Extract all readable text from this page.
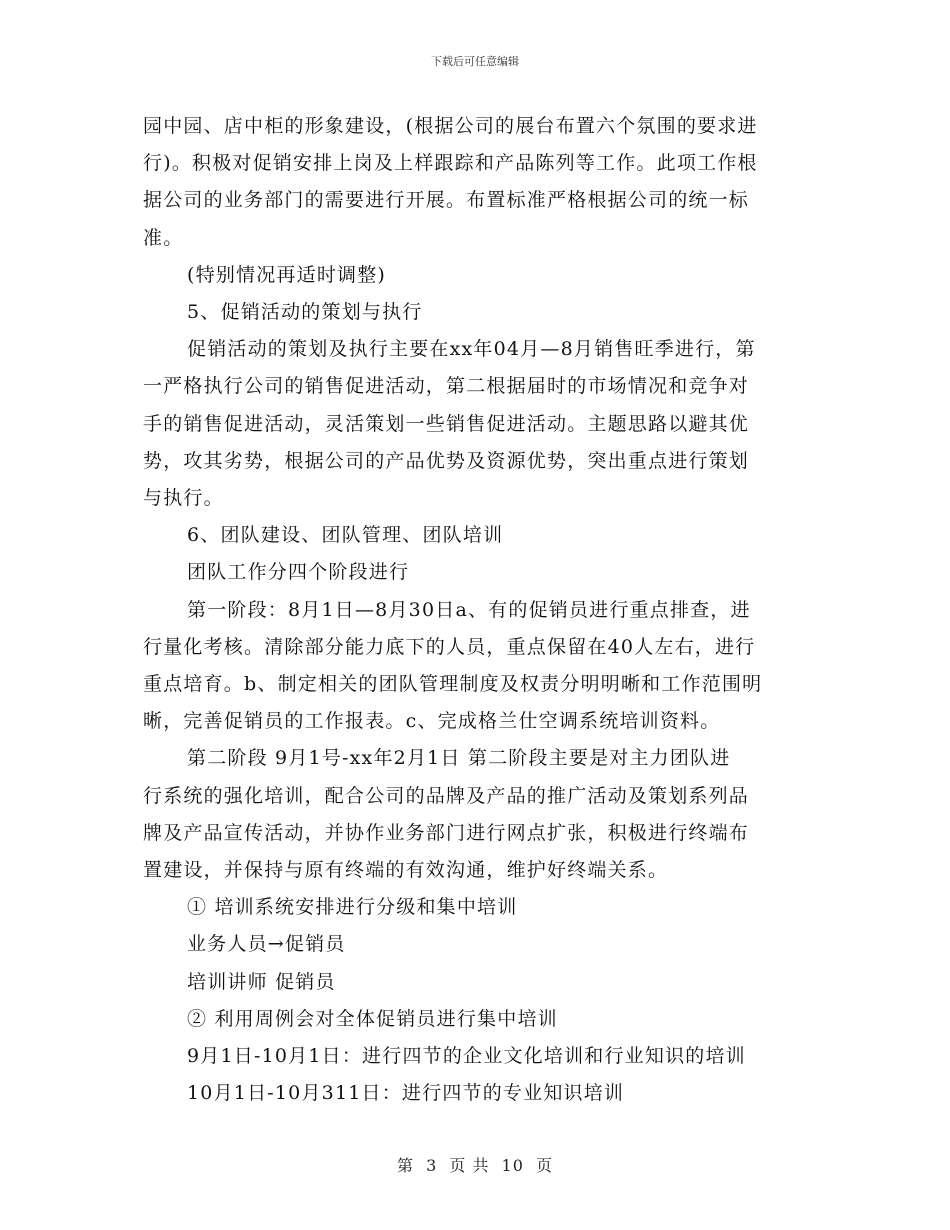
下载后可任意编辑

园中园、店中柜的形象建设，(根据公司的展台布置六个氛围的要求进

行)。积极对促销安排上岗及上样跟踪和产品陈列等工作。此项工作根

据公司的业务部门的需要进行开展。布置标准严格根据公司的统一标

准。

(特别情况再适时调整)

5、促销活动的策划与执行

促销活动的策划及执行主要在xx年04月—8月销售旺季进行，第

一严格执行公司的销售促进活动，第二根据届时的市场情况和竞争对

手的销售促进活动，灵活策划一些销售促进活动。主题思路以避其优

势，攻其劣势，根据公司的产品优势及资源优势，突出重点进行策划

与执行。

6、团队建设、团队管理、团队培训

团队工作分四个阶段进行

第一阶段：8月1日—8月30日a、有的促销员进行重点排查，进

行量化考核。清除部分能力底下的人员，重点保留在40人左右，进行

重点培育。b、制定相关的团队管理制度及权责分明明晰和工作范围明

晰，完善促销员的工作报表。c、完成格兰仕空调系统培训资料。

第二阶段 9月1号-xx年2月1日 第二阶段主要是对主力团队进

行系统的强化培训，配合公司的品牌及产品的推广活动及策划系列品

牌及产品宣传活动，并协作业务部门进行网点扩张，积极进行终端布

置建设，并保持与原有终端的有效沟通，维护好终端关系。

① 培训系统安排进行分级和集中培训

业务人员→促销员

培训讲师 促销员

② 利用周例会对全体促销员进行集中培训

9月1日-10月1日：进行四节的企业文化培训和行业知识的培训

10月1日-10月311日：进行四节的专业知识培训

第 3 页 共 10 页
